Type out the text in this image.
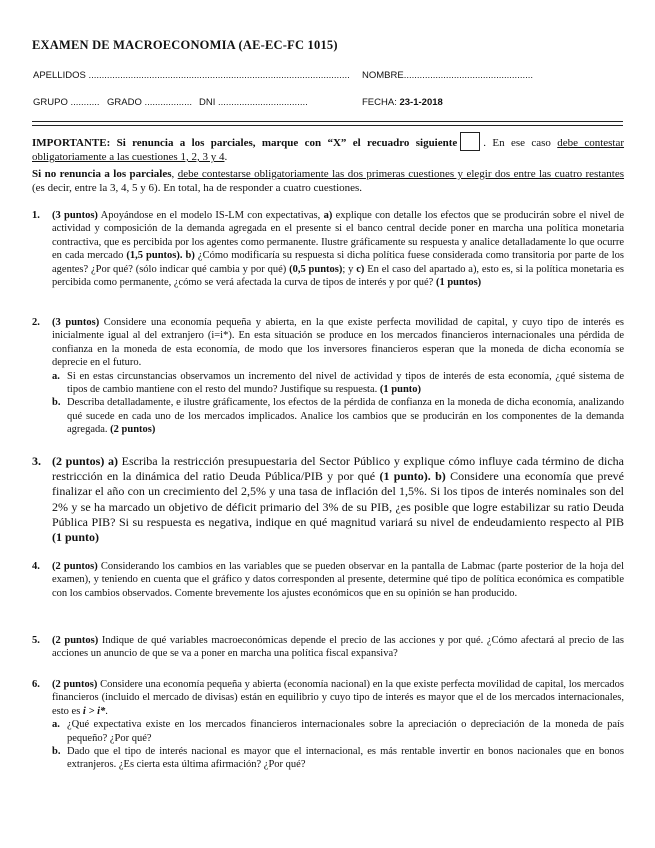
EXAMEN DE MACROECONOMIA (AE-EC-FC 1015)
APELLIDOS ................................................................................................... NOMBRE.................................................
GRUPO ........... GRADO .................. DNI ..................................	FECHA: 23-1-2018
IMPORTANTE: Si renuncia a los parciales, marque con “X” el recuadro siguiente . En ese caso debe contestar obligatoriamente a las cuestiones 1, 2, 3 y 4.
Si no renuncia a los parciales, debe contestarse obligatoriamente las dos primeras cuestiones y elegir dos entre las cuatro restantes (es decir, entre la 3, 4, 5 y 6). En total, ha de responder a cuatro cuestiones.
1. (3 puntos) Apoyándose en el modelo IS-LM con expectativas, a) explique con detalle los efectos que se producirán sobre el nivel de actividad y composición de la demanda agregada en el presente si el banco central decide poner en marcha una política monetaria contractiva, que es percibida por los agentes como permanente. Ilustre gráficamente su respuesta y analice detalladamente lo que ocurre en cada mercado (1,5 puntos). b) ¿Cómo modificaría su respuesta si dicha política fuese considerada como transitoria por parte de los agentes? ¿Por qué? (sólo indicar qué cambia y por qué) (0,5 puntos); y c) En el caso del apartado a), esto es, si la política monetaria es percibida como permanente, ¿cómo se verá afectada la curva de tipos de interés y por qué? (1 puntos)
2. (3 puntos) Considere una economía pequeña y abierta, en la que existe perfecta movilidad de capital, y cuyo tipo de interés es inicialmente igual al del extranjero (i=i*). En esta situación se produce en los mercados financieros internacionales una pérdida de confianza en la moneda de esta economía, de modo que los inversores financieros esperan que la moneda de dicha economía se deprecie en el futuro.
a. Si en estas circunstancias observamos un incremento del nivel de actividad y tipos de interés de esta economía, ¿qué sistema de tipos de cambio mantiene con el resto del mundo? Justifique su respuesta. (1 punto)
b. Describa detalladamente, e ilustre gráficamente, los efectos de la pérdida de confianza en la moneda de dicha economía, analizando qué sucede en cada uno de los mercados implicados. Analice los cambios que se producirán en los componentes de la demanda agregada. (2 puntos)
3. (2 puntos) a) Escriba la restricción presupuestaria del Sector Público y explique cómo influye cada término de dicha restricción en la dinámica del ratio Deuda Pública/PIB y por qué (1 punto). b) Considere una economía que prevé finalizar el año con un crecimiento del 2,5% y una tasa de inflación del 1,5%. Si los tipos de interés nominales son del 2% y se ha marcado un objetivo de déficit primario del 3% de su PIB, ¿es posible que logre estabilizar su ratio Deuda Pública PIB? Si su respuesta es negativa, indique en qué magnitud variará su nivel de endeudamiento respecto al PIB (1 punto)
4. (2 puntos) Considerando los cambios en las variables que se pueden observar en la pantalla de Labmac (parte posterior de la hoja del examen), y teniendo en cuenta que el gráfico y datos corresponden al presente, determine qué tipo de política económica es compatible con los cambios observados. Comente brevemente los ajustes económicos que en su opinión se han producido.
5. (2 puntos) Indique de qué variables macroeconómicas depende el precio de las acciones y por qué. ¿Cómo afectará al precio de las acciones un anuncio de que se va a poner en marcha una política fiscal expansiva?
6. (2 puntos) Considere una economía pequeña y abierta (economía nacional) en la que existe perfecta movilidad de capital, los mercados financieros (incluido el mercado de divisas) están en equilibrio y cuyo tipo de interés es mayor que el de los mercados internacionales, esto es i > i*.
a. ¿Qué expectativa existe en los mercados financieros internacionales sobre la apreciación o depreciación de la moneda de país pequeño? ¿Por qué?
b. Dado que el tipo de interés nacional es mayor que el internacional, es más rentable invertir en bonos nacionales que en bonos extranjeros. ¿Es cierta esta última afirmación? ¿Por qué?
